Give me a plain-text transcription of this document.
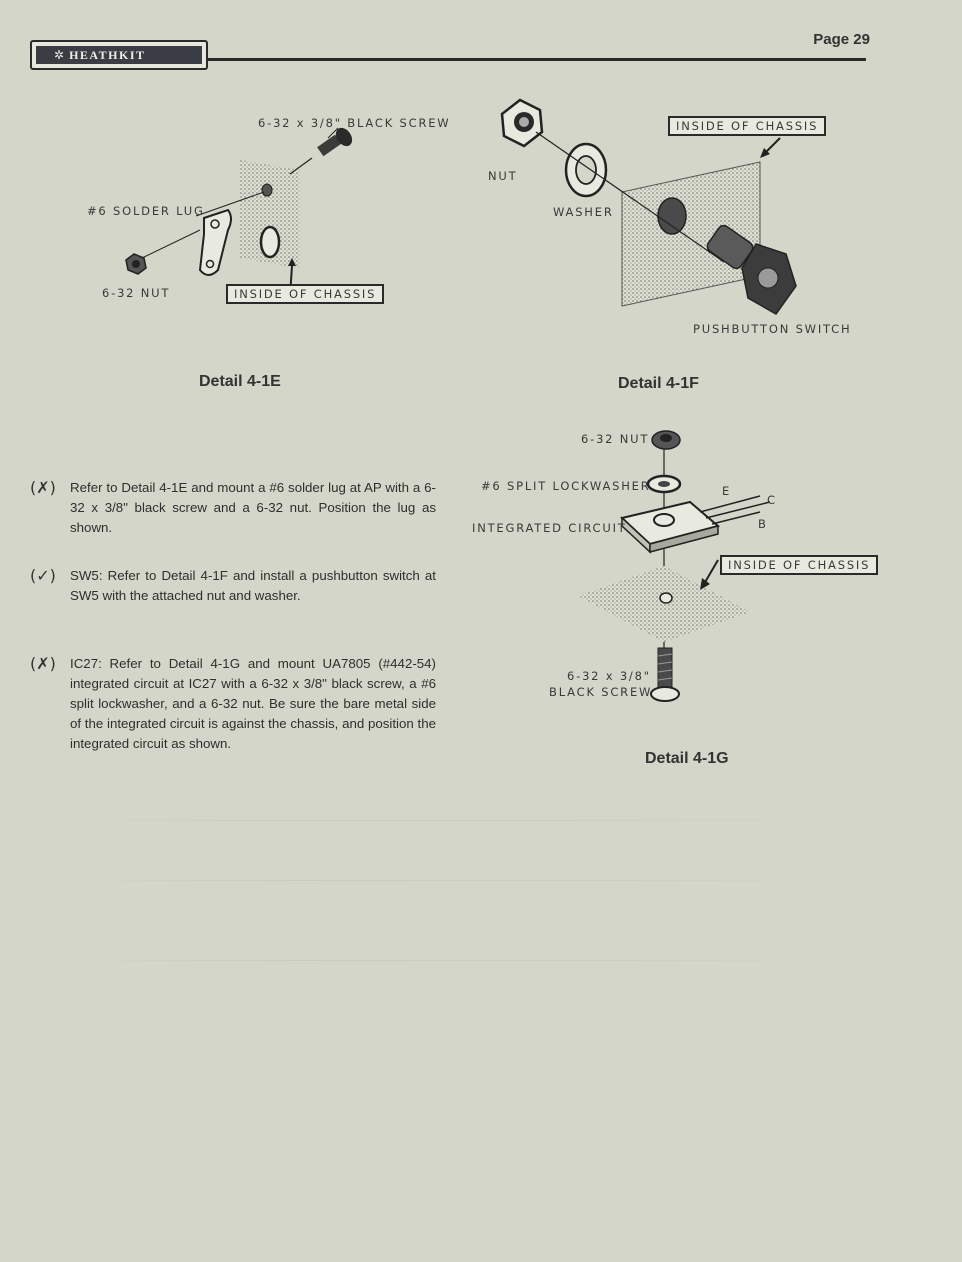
✲ HEATHKIT
Page 29
6-32 x 3/8" BLACK SCREW
#6 SOLDER LUG
6-32 NUT	INSIDE OF CHASSIS
Detail 4-1E
NUT
WASHER
INSIDE OF CHASSIS
PUSHBUTTON SWITCH
Detail 4-1F
6-32 NUT
#6 SPLIT LOCKWASHER
INTEGRATED CIRCUIT
E
C
B
INSIDE OF CHASSIS
6-32 x 3/8"
BLACK SCREW
Detail 4-1G
(✗)	Refer to Detail 4-1E and mount a #6 solder lug at AP with a 6-32 x 3/8" black screw and a 6-32 nut. Position the lug as shown.
(✓)	SW5: Refer to Detail 4-1F and install a pushbutton switch at SW5 with the attached nut and washer.
(✗)	IC27: Refer to Detail 4-1G and mount UA7805 (#442-54) integrated circuit at IC27 with a 6-32 x 3/8" black screw, a #6 split lockwasher, and a 6-32 nut. Be sure the bare metal side of the integrated circuit is against the chassis, and position the integrated circuit as shown.
